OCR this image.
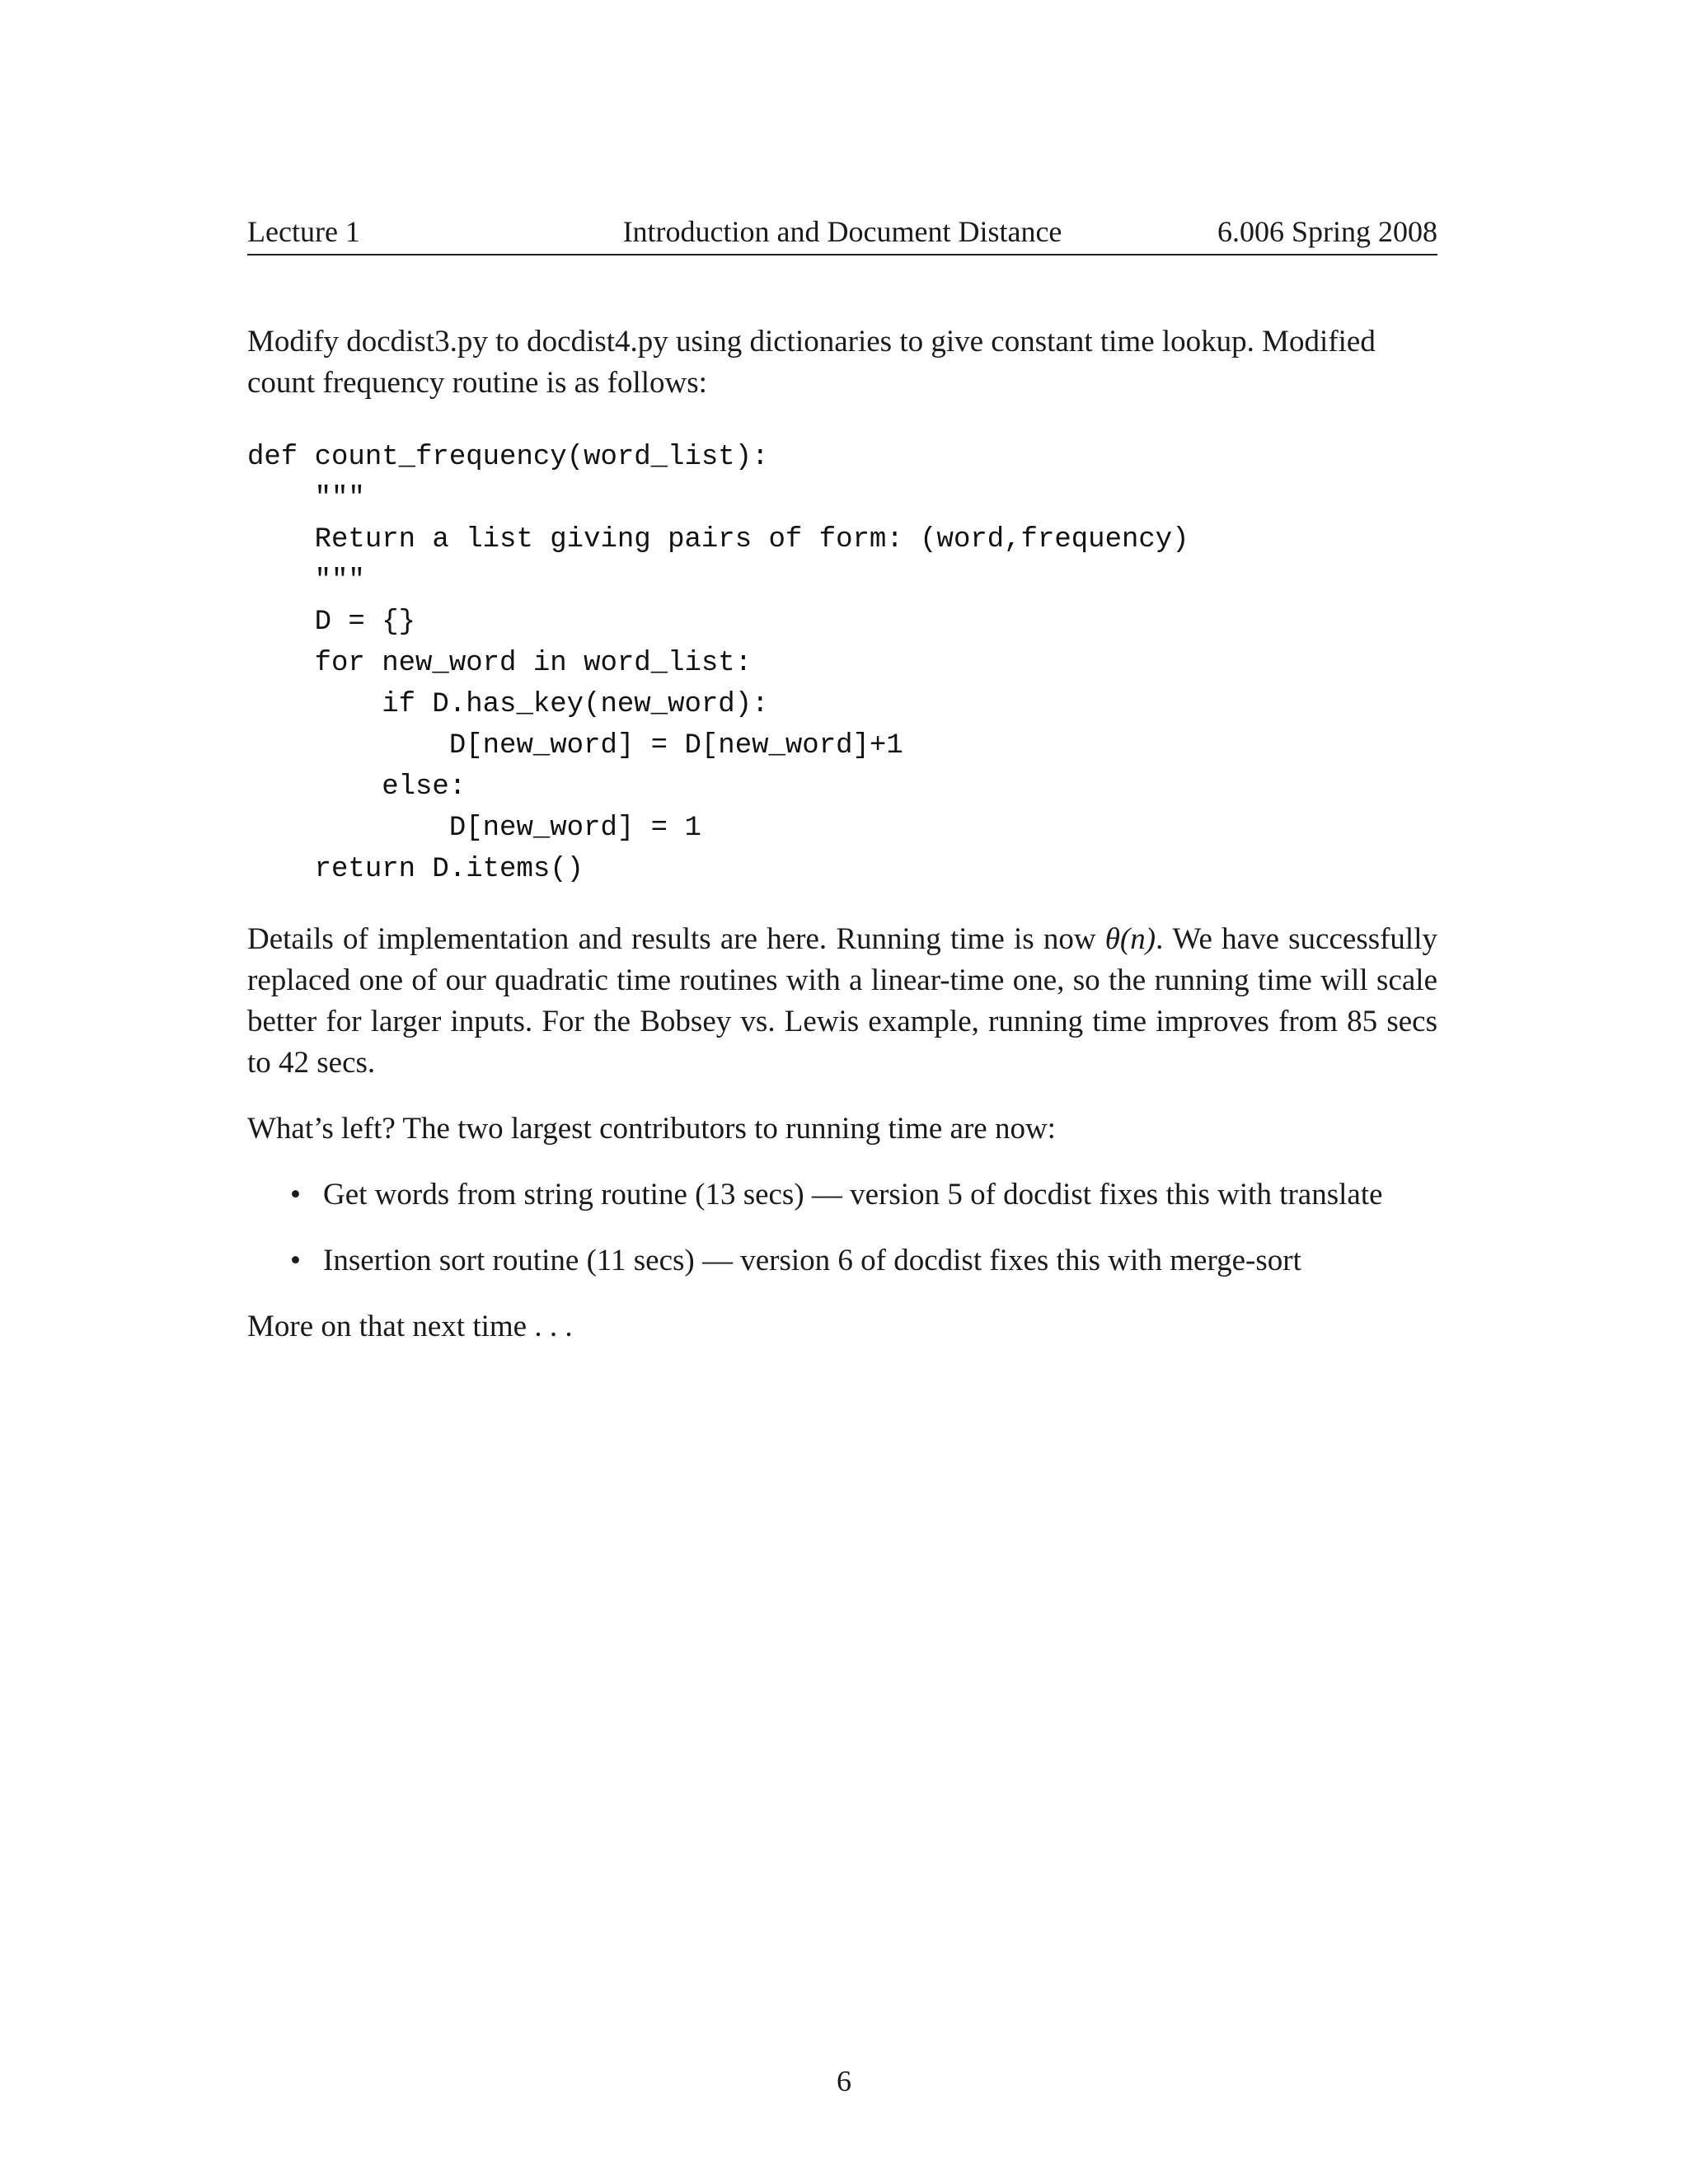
Lecture 1	Introduction and Document Distance	6.006 Spring 2008

Modify docdist3.py to docdist4.py using dictionaries to give constant time lookup. Modified
count frequency routine is as follows:

def count_frequency(word_list):
"""
Return a list giving pairs of form: (word,frequency)
"""
D = {}
for new_word in word_list:
if D.has_key(new_word):
D[new_word] = D[new_word]+1
else:
D[new_word] = 1
return D.items()

Details of implementation and results are here. Running time is now θ(n). We have successfully replaced one of our quadratic time routines with a linear-time one, so the running time will scale better for larger inputs. For the Bobsey vs. Lewis example, running time improves from 85 secs to 42 secs.

What’s left? The two largest contributors to running time are now:

• Get words from string routine (13 secs) — version 5 of docdist fixes this with translate
• Insertion sort routine (11 secs) — version 6 of docdist fixes this with merge-sort

More on that next time . . .

6
